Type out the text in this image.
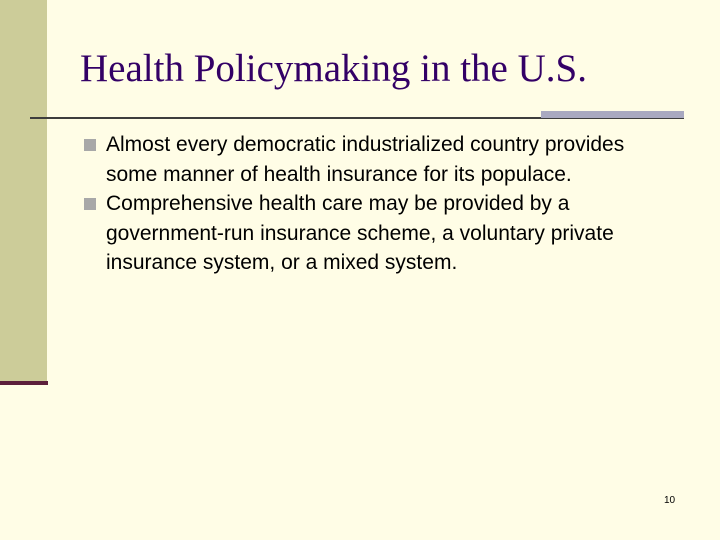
Health Policymaking in the U.S.
Almost every democratic industrialized country provides some manner of health insurance for its populace.
Comprehensive health care may be provided by a government-run insurance scheme, a voluntary private insurance system, or a mixed system.
10
